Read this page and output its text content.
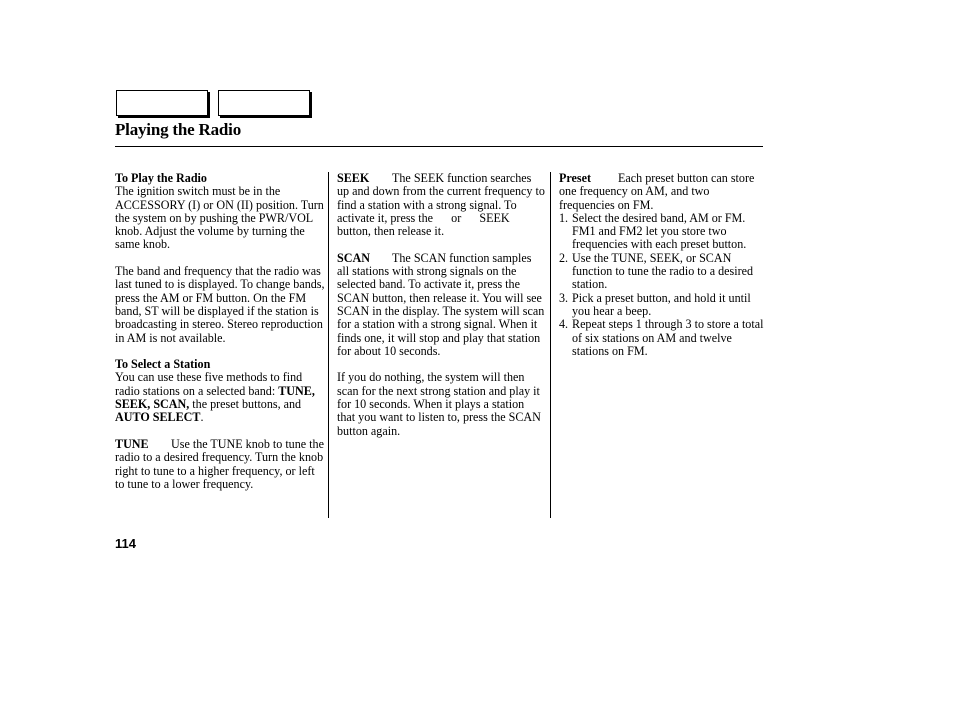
Playing the Radio
To Play the Radio
The ignition switch must be in the ACCESSORY (I) or ON (II) position. Turn the system on by pushing the PWR/VOL knob. Adjust the volume by turning the same knob.
The band and frequency that the radio was last tuned to is displayed. To change bands, press the AM or FM button. On the FM band, ST will be displayed if the station is broadcasting in stereo. Stereo reproduction in AM is not available.
To Select a Station
You can use these five methods to find radio stations on a selected band: TUNE, SEEK, SCAN, the preset buttons, and AUTO SELECT.
TUNE Use the TUNE knob to tune the radio to a desired frequency. Turn the knob right to tune to a higher frequency, or left to tune to a lower frequency.
SEEK The SEEK function searches up and down from the current frequency to find a station with a strong signal. To activate it, press the      or      SEEK button, then release it.
SCAN The SCAN function samples all stations with strong signals on the selected band. To activate it, press the SCAN button, then release it. You will see SCAN in the display. The system will scan for a station with a strong signal. When it finds one, it will stop and play that station for about 10 seconds.
If you do nothing, the system will then scan for the next strong station and play it for 10 seconds. When it plays a station that you want to listen to, press the SCAN button again.
Preset Each preset button can store one frequency on AM, and two frequencies on FM.
1. Select the desired band, AM or FM. FM1 and FM2 let you store two frequencies with each preset button.
2. Use the TUNE, SEEK, or SCAN function to tune the radio to a desired station.
3. Pick a preset button, and hold it until you hear a beep.
4. Repeat steps 1 through 3 to store a total of six stations on AM and twelve stations on FM.
114
